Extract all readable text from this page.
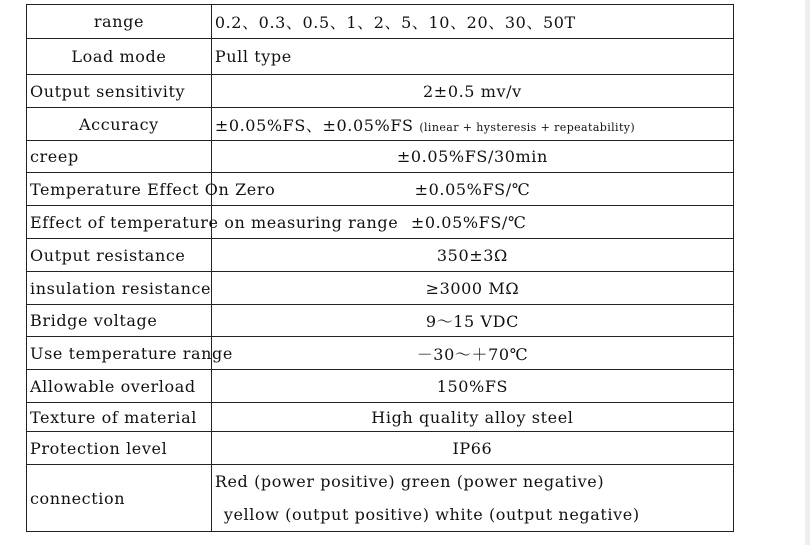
range	0.2、0.3、0.5、1、2、5、10、20、30、50T
Load mode	Pull type
Output sensitivity	2±0.5 mv/v
Accuracy	±0.05%FS、±0.05%FS (linear + hysteresis + repeatability)
creep	±0.05%FS/30min
Temperature Effect On Zero	±0.05%FS/℃
Effect of temperature on measuring range	±0.05%FS/℃
Output resistance	350±3Ω
insulation resistance	≥3000 MΩ
Bridge voltage	9～15 VDC
Use temperature range	－30～＋70℃
Allowable overload	150%FS
Texture of material	High quality alloy steel
Protection level	IP66
connection	Red (power positive) green (power negative)
yellow (output positive) white (output negative)
